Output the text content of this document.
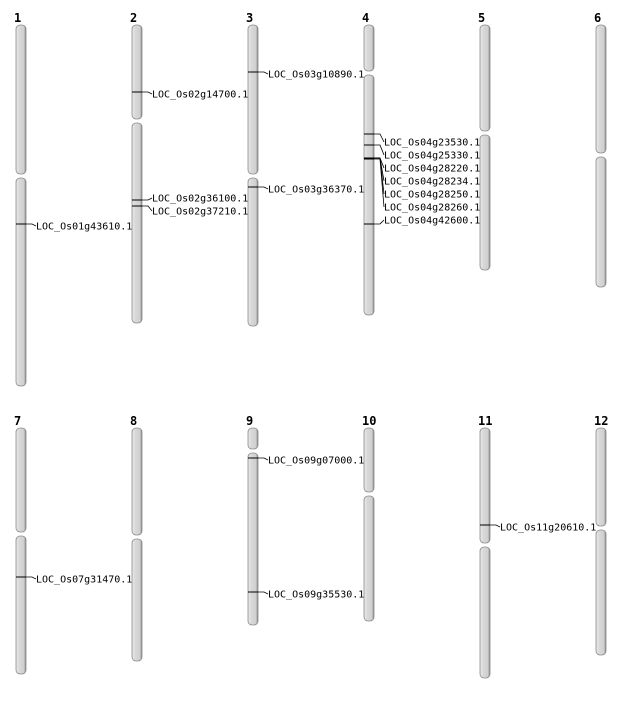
1
LOC_Os01g43610.1
2
LOC_Os02g14700.1
LOC_Os02g36100.1
LOC_Os02g37210.1
3
LOC_Os03g10890.1
LOC_Os03g36370.1
4
LOC_Os04g23530.1
LOC_Os04g25330.1
LOC_Os04g28220.1
LOC_Os04g28234.1
LOC_Os04g28250.1
LOC_Os04g28260.1
LOC_Os04g42600.1
5	6
7
LOC_Os07g31470.1
8	9
LOC_Os09g07000.1
LOC_Os09g35530.1
10	11
LOC_Os11g20610.1
12
